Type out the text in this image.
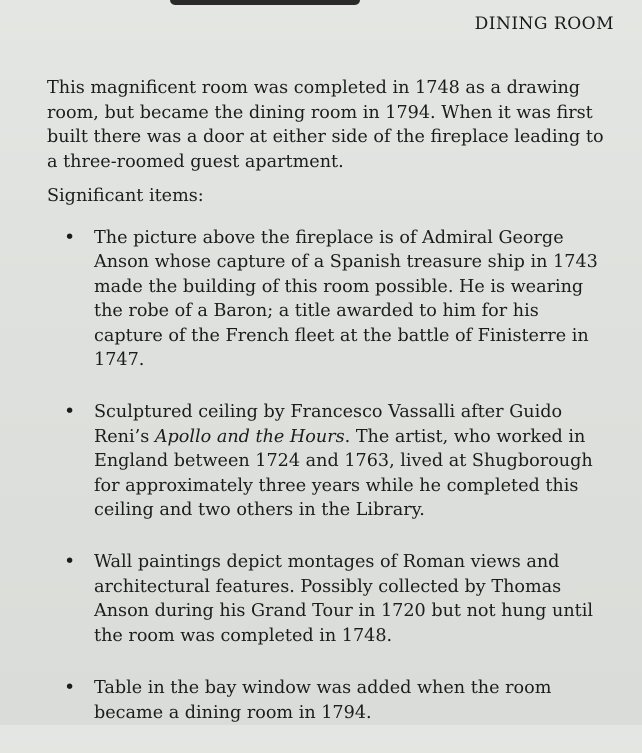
DINING ROOM

This magnificent room was completed in 1748 as a drawing room, but became the dining room in 1794. When it was first built there was a door at either side of the fireplace leading to a three-roomed guest apartment.

Significant items:

• The picture above the fireplace is of Admiral George Anson whose capture of a Spanish treasure ship in 1743 made the building of this room possible. He is wearing the robe of a Baron; a title awarded to him for his capture of the French fleet at the battle of Finisterre in 1747.
• Sculptured ceiling by Francesco Vassalli after Guido Reni’s Apollo and the Hours. The artist, who worked in England between 1724 and 1763, lived at Shugborough for approximately three years while he completed this ceiling and two others in the Library.
• Wall paintings depict montages of Roman views and architectural features. Possibly collected by Thomas Anson during his Grand Tour in 1720 but not hung until the room was completed in 1748.
• Table in the bay window was added when the room became a dining room in 1794.
